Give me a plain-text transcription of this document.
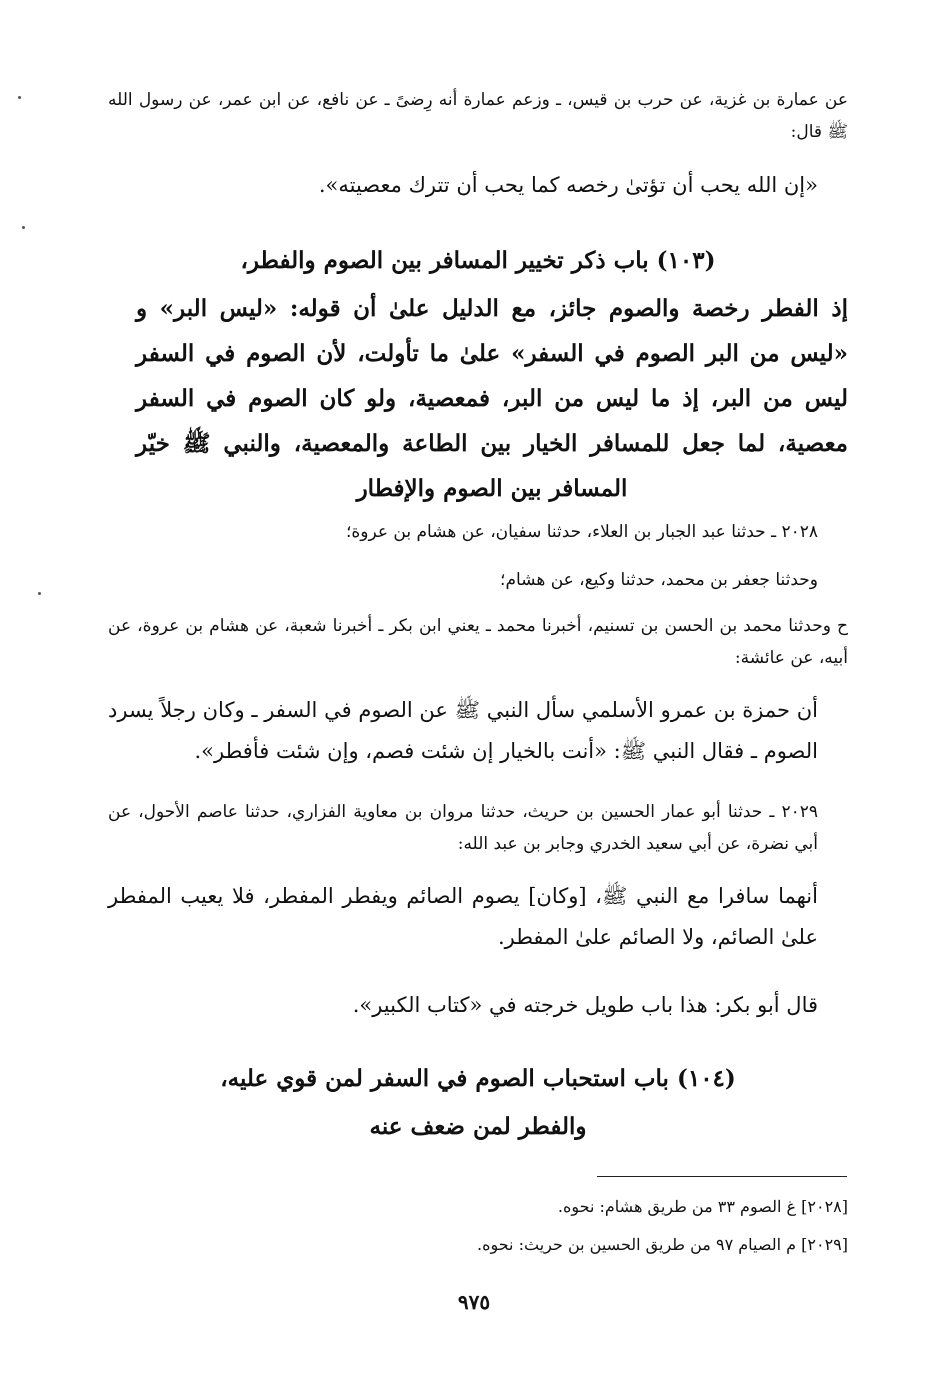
عن عمارة بن غزية، عن حرب بن قيس، ـ وزعم عمارة أنه رِضىً ـ عن نافع، عن ابن عمر، عن رسول الله ﷺ قال:
«إن الله يحب أن تؤتىٰ رخصه كما يحب أن تترك معصيته».
(١٠٣) باب ذكر تخيير المسافر بين الصوم والفطر،
إذ الفطر رخصة والصوم جائز، مع الدليل علىٰ أن قوله: «ليس البر» و «ليس من البر الصوم في السفر» علىٰ ما تأولت، لأن الصوم في السفر ليس من البر، إذ ما ليس من البر، فمعصية، ولو كان الصوم في السفر معصية، لما جعل للمسافر الخيار بين الطاعة والمعصية، والنبي ﷺ خيّر المسافر بين الصوم والإفطار
٢٠٢٨ ـ حدثنا عبد الجبار بن العلاء، حدثنا سفيان، عن هشام بن عروة؛
وحدثنا جعفر بن محمد، حدثنا وكيع، عن هشام؛
ح وحدثنا محمد بن الحسن بن تسنيم، أخبرنا محمد ـ يعني ابن بكر ـ أخبرنا شعبة، عن هشام بن عروة، عن أبيه، عن عائشة:
أن حمزة بن عمرو الأسلمي سأل النبي ﷺ عن الصوم في السفر ـ وكان رجلاً يسرد الصوم ـ فقال النبي ﷺ: «أنت بالخيار إن شئت فصم، وإن شئت فأفطر».
٢٠٢٩ ـ حدثنا أبو عمار الحسين بن حريث، حدثنا مروان بن معاوية الفزاري، حدثنا عاصم الأحول، عن أبي نضرة، عن أبي سعيد الخدري وجابر بن عبد الله:
أنهما سافرا مع النبي ﷺ، [وكان] يصوم الصائم ويفطر المفطر، فلا يعيب المفطر علىٰ الصائم، ولا الصائم علىٰ المفطر.
قال أبو بكر: هذا باب طويل خرجته في «كتاب الكبير».
(١٠٤) باب استحباب الصوم في السفر لمن قوي عليه،
والفطر لمن ضعف عنه
[٢٠٢٨] غ الصوم ٣٣ من طريق هشام: نحوه.
[٢٠٢٩] م الصيام ٩٧ من طريق الحسين بن حريث: نحوه.
٩٧٥
